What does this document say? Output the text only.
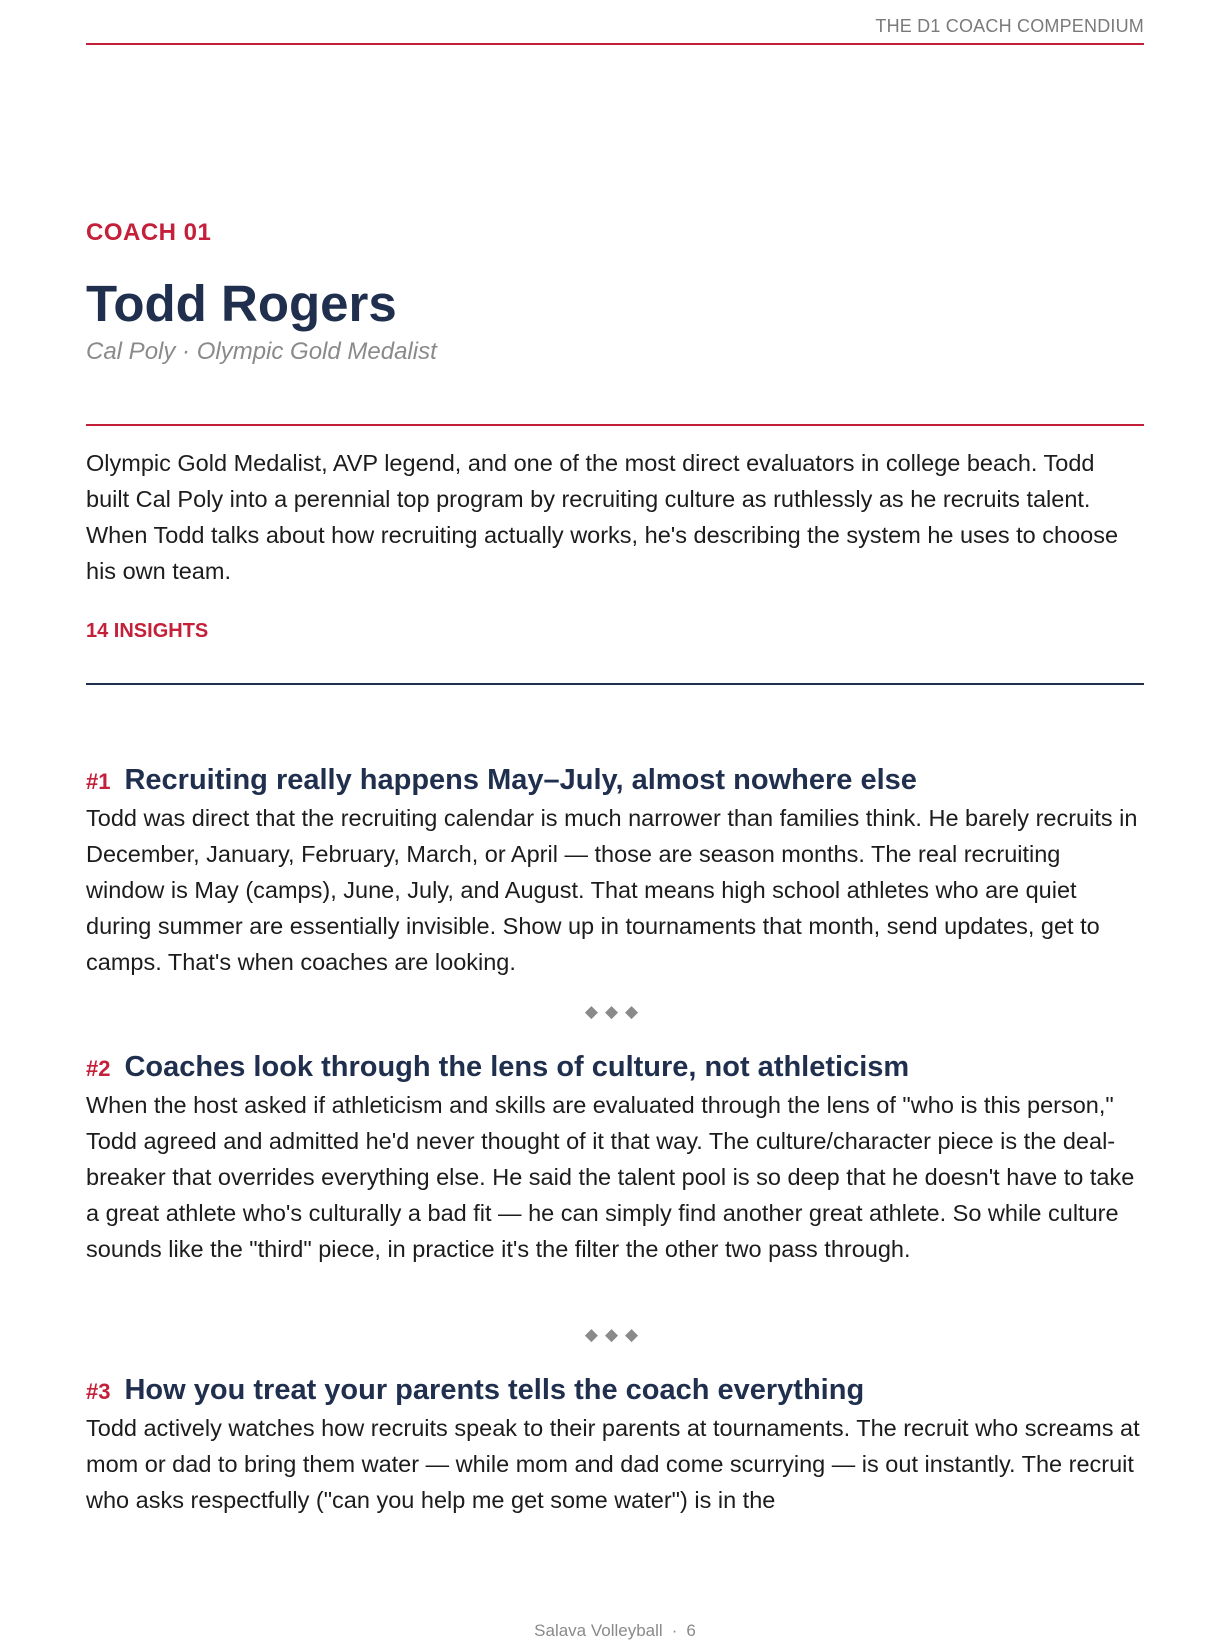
THE D1 COACH COMPENDIUM
COACH 01
Todd Rogers
Cal Poly · Olympic Gold Medalist

Olympic Gold Medalist, AVP legend, and one of the most direct evaluators in college beach. Todd built Cal Poly into a perennial top program by recruiting culture as ruthlessly as he recruits talent. When Todd talks about how recruiting actually works, he's describing the system he uses to choose his own team.

14 INSIGHTS
#1 Recruiting really happens May–July, almost nowhere else
Todd was direct that the recruiting calendar is much narrower than families think. He barely recruits in December, January, February, March, or April — those are season months. The real recruiting window is May (camps), June, July, and August. That means high school athletes who are quiet during summer are essentially invisible. Show up in tournaments that month, send updates, get to camps. That's when coaches are looking.
◆◆◆
#2 Coaches look through the lens of culture, not athleticism
When the host asked if athleticism and skills are evaluated through the lens of "who is this person," Todd agreed and admitted he'd never thought of it that way. The culture/character piece is the deal-breaker that overrides everything else. He said the talent pool is so deep that he doesn't have to take a great athlete who's culturally a bad fit — he can simply find another great athlete. So while culture sounds like the "third" piece, in practice it's the filter the other two pass through.
◆◆◆
#3 How you treat your parents tells the coach everything
Todd actively watches how recruits speak to their parents at tournaments. The recruit who screams at mom or dad to bring them water — while mom and dad come scurrying — is out instantly. The recruit who asks respectfully ("can you help me get some water") is in the
Salava Volleyball · 6
